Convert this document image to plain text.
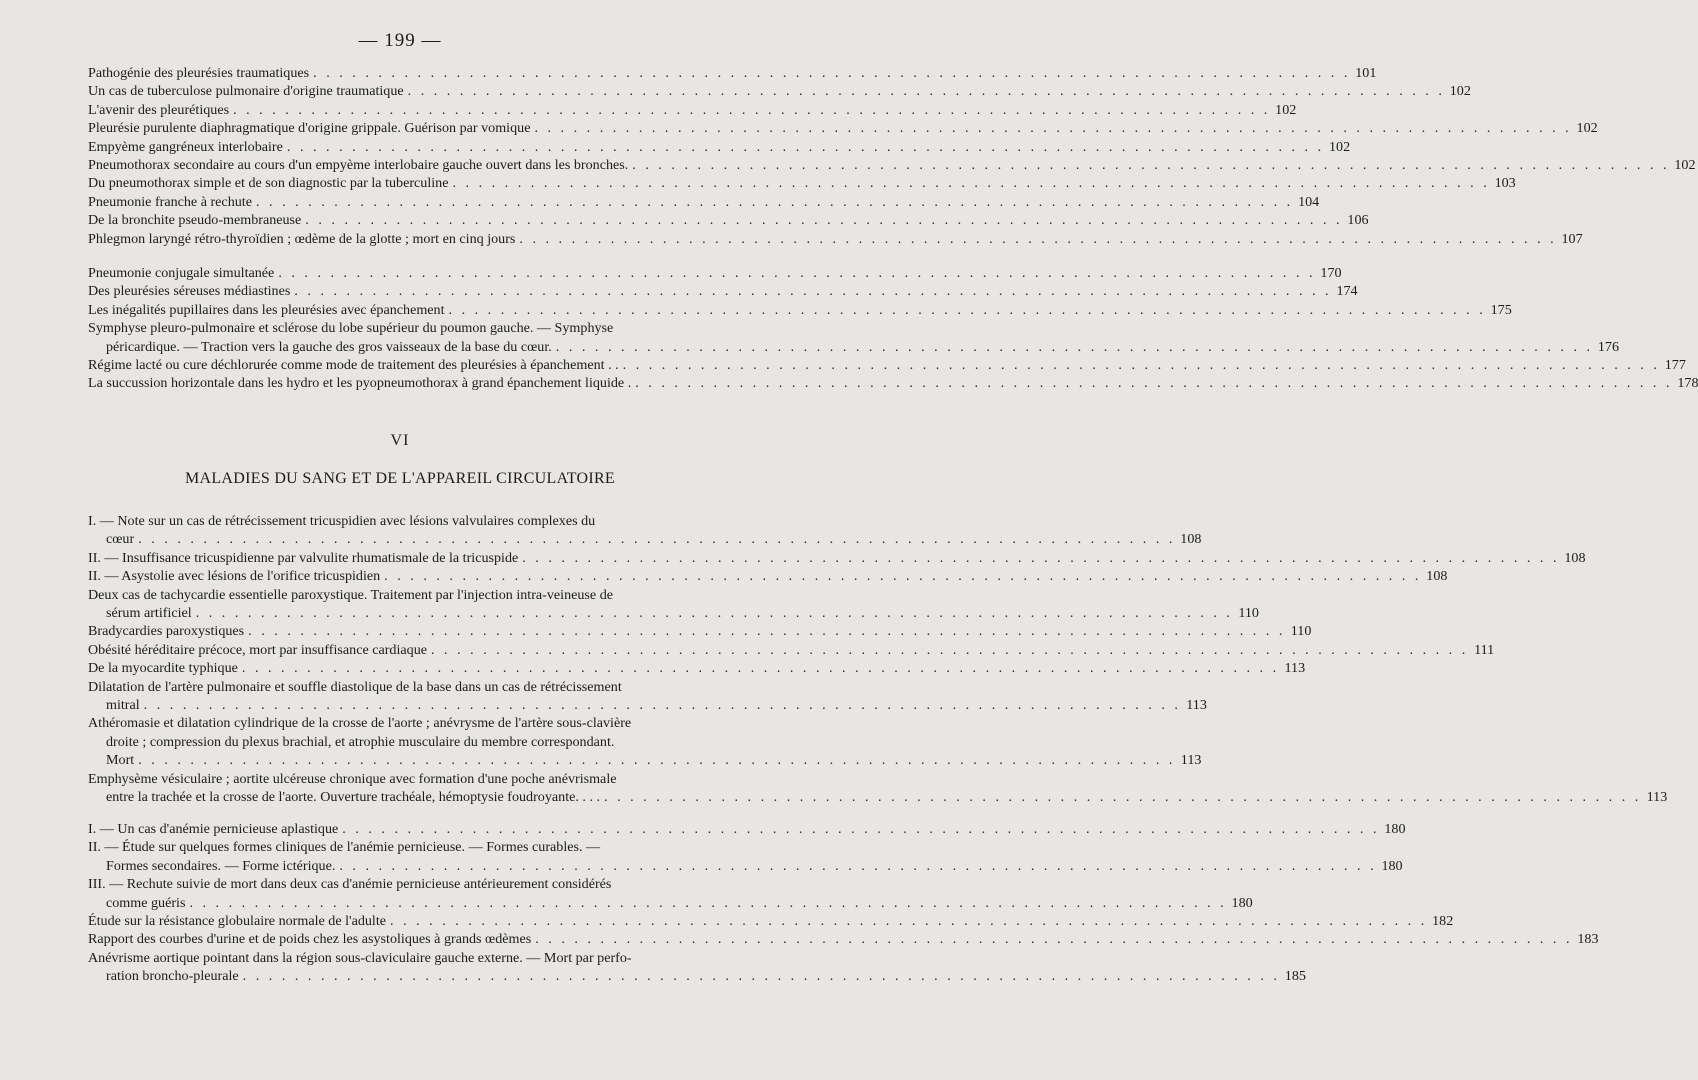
— 199 —
Pathogénie des pleurésies traumatiques . . . . . . . . . . . . . . . . . . . . . . . . . . . . . . . . . . . . . . . . . . . . . . . . . . . . . . . . . . . . . . . . . . . . . . . . . . . . . . . . 101
Un cas de tuberculose pulmonaire d'origine traumatique . . . . . . . . . . . . . . . . . . . . . . . . . . . . . . . . . . . . . . . . . . . . . . . . . . . . . . . . . . . . . . . . . . . . . . . . . . . . . . . . 102
L'avenir des pleurétiques . . . . . . . . . . . . . . . . . . . . . . . . . . . . . . . . . . . . . . . . . . . . . . . . . . . . . . . . . . . . . . . . . . . . . . . . . . . . . . . . 102
Pleurésie purulente diaphragmatique d'origine grippale. Guérison par vomique . . . . . . . . . . . . . . . . . . . . . . . . . . . . . . . . . . . . . . . . . . . . . . . . . . . . . . . . . . . . . . . . . . . . . . . . . . . . . . . . 102
Empyème gangréneux interlobaire . . . . . . . . . . . . . . . . . . . . . . . . . . . . . . . . . . . . . . . . . . . . . . . . . . . . . . . . . . . . . . . . . . . . . . . . . . . . . . . . 102
Pneumothorax secondaire au cours d'un empyème interlobaire gauche ouvert dans les bronches. . . . . . . . . . . . . . . . . . . . . . . . . . . . . . . . . . . . . . . . . . . . . . . . . . . . . . . . . . . . . . . . . . . . . . . . . . . . . . . . . 102
Du pneumothorax simple et de son diagnostic par la tuberculine . . . . . . . . . . . . . . . . . . . . . . . . . . . . . . . . . . . . . . . . . . . . . . . . . . . . . . . . . . . . . . . . . . . . . . . . . . . . . . . . 103
Pneumonie franche à rechute . . . . . . . . . . . . . . . . . . . . . . . . . . . . . . . . . . . . . . . . . . . . . . . . . . . . . . . . . . . . . . . . . . . . . . . . . . . . . . . . 104
De la bronchite pseudo-membraneuse . . . . . . . . . . . . . . . . . . . . . . . . . . . . . . . . . . . . . . . . . . . . . . . . . . . . . . . . . . . . . . . . . . . . . . . . . . . . . . . . 106
Phlegmon laryngé rétro-thyroïdien ; œdème de la glotte ; mort en cinq jours . . . . . . . . . . . . . . . . . . . . . . . . . . . . . . . . . . . . . . . . . . . . . . . . . . . . . . . . . . . . . . . . . . . . . . . . . . . . . . . . 107
Pneumonie conjugale simultanée . . . . . . . . . . . . . . . . . . . . . . . . . . . . . . . . . . . . . . . . . . . . . . . . . . . . . . . . . . . . . . . . . . . . . . . . . . . . . . . . 170
Des pleurésies séreuses médiastines . . . . . . . . . . . . . . . . . . . . . . . . . . . . . . . . . . . . . . . . . . . . . . . . . . . . . . . . . . . . . . . . . . . . . . . . . . . . . . . . 174
Les inégalités pupillaires dans les pleurésies avec épanchement . . . . . . . . . . . . . . . . . . . . . . . . . . . . . . . . . . . . . . . . . . . . . . . . . . . . . . . . . . . . . . . . . . . . . . . . . . . . . . . . 175
Symphyse pleuro-pulmonaire et sclérose du lobe supérieur du poumon gauche. — Symphyse
péricardique. — Traction vers la gauche des gros vaisseaux de la base du cœur. . . . . . . . . . . . . . . . . . . . . . . . . . . . . . . . . . . . . . . . . . . . . . . . . . . . . . . . . . . . . . . . . . . . . . . . . . . . . . . . . 176
Régime lacté ou cure déchlorurée comme mode de traitement des pleurésies à épanchement . . . . . . . . . . . . . . . . . . . . . . . . . . . . . . . . . . . . . . . . . . . . . . . . . . . . . . . . . . . . . . . . . . . . . . . . . . . . . . . . . . 177
La succussion horizontale dans les hydro et les pyopneumothorax à grand épanchement liquide . . . . . . . . . . . . . . . . . . . . . . . . . . . . . . . . . . . . . . . . . . . . . . . . . . . . . . . . . . . . . . . . . . . . . . . . . . . . . . . . . 178
VI
MALADIES DU SANG ET DE L'APPAREIL CIRCULATOIRE
I. — Note sur un cas de rétrécissement tricuspidien avec lésions valvulaires complexes du
cœur . . . . . . . . . . . . . . . . . . . . . . . . . . . . . . . . . . . . . . . . . . . . . . . . . . . . . . . . . . . . . . . . . . . . . . . . . . . . . . . . 108
II. — Insuffisance tricuspidienne par valvulite rhumatismale de la tricuspide . . . . . . . . . . . . . . . . . . . . . . . . . . . . . . . . . . . . . . . . . . . . . . . . . . . . . . . . . . . . . . . . . . . . . . . . . . . . . . . . 108
II. — Asystolie avec lésions de l'orifice tricuspidien . . . . . . . . . . . . . . . . . . . . . . . . . . . . . . . . . . . . . . . . . . . . . . . . . . . . . . . . . . . . . . . . . . . . . . . . . . . . . . . . 108
Deux cas de tachycardie essentielle paroxystique. Traitement par l'injection intra-veineuse de
sérum artificiel . . . . . . . . . . . . . . . . . . . . . . . . . . . . . . . . . . . . . . . . . . . . . . . . . . . . . . . . . . . . . . . . . . . . . . . . . . . . . . . . 110
Bradycardies paroxystiques . . . . . . . . . . . . . . . . . . . . . . . . . . . . . . . . . . . . . . . . . . . . . . . . . . . . . . . . . . . . . . . . . . . . . . . . . . . . . . . . 110
Obésité héréditaire précoce, mort par insuffisance cardiaque . . . . . . . . . . . . . . . . . . . . . . . . . . . . . . . . . . . . . . . . . . . . . . . . . . . . . . . . . . . . . . . . . . . . . . . . . . . . . . . . 111
De la myocardite typhique . . . . . . . . . . . . . . . . . . . . . . . . . . . . . . . . . . . . . . . . . . . . . . . . . . . . . . . . . . . . . . . . . . . . . . . . . . . . . . . . 113
Dilatation de l'artère pulmonaire et souffle diastolique de la base dans un cas de rétrécissement
mitral . . . . . . . . . . . . . . . . . . . . . . . . . . . . . . . . . . . . . . . . . . . . . . . . . . . . . . . . . . . . . . . . . . . . . . . . . . . . . . . . 113
Athéromasie et dilatation cylindrique de la crosse de l'aorte ; anévrysme de l'artère sous-clavière
droite ; compression du plexus brachial, et atrophie musculaire du membre correspondant.
Mort . . . . . . . . . . . . . . . . . . . . . . . . . . . . . . . . . . . . . . . . . . . . . . . . . . . . . . . . . . . . . . . . . . . . . . . . . . . . . . . . 113
Emphysème vésiculaire ; aortite ulcéreuse chronique avec formation d'une poche anévrismale
entre la trachée et la crosse de l'aorte. Ouverture trachéale, hémoptysie foudroyante. . . . . . . . . . . . . . . . . . . . . . . . . . . . . . . . . . . . . . . . . . . . . . . . . . . . . . . . . . . . . . . . . . . . . . . . . . . . . . . . . . . . 113
I. — Un cas d'anémie pernicieuse aplastique . . . . . . . . . . . . . . . . . . . . . . . . . . . . . . . . . . . . . . . . . . . . . . . . . . . . . . . . . . . . . . . . . . . . . . . . . . . . . . . . 180
II. — Étude sur quelques formes cliniques de l'anémie pernicieuse. — Formes curables. —
Formes secondaires. — Forme ictérique. . . . . . . . . . . . . . . . . . . . . . . . . . . . . . . . . . . . . . . . . . . . . . . . . . . . . . . . . . . . . . . . . . . . . . . . . . . . . . . . . 180
III. — Rechute suivie de mort dans deux cas d'anémie pernicieuse antérieurement considérés
comme guéris . . . . . . . . . . . . . . . . . . . . . . . . . . . . . . . . . . . . . . . . . . . . . . . . . . . . . . . . . . . . . . . . . . . . . . . . . . . . . . . . 180
Étude sur la résistance globulaire normale de l'adulte . . . . . . . . . . . . . . . . . . . . . . . . . . . . . . . . . . . . . . . . . . . . . . . . . . . . . . . . . . . . . . . . . . . . . . . . . . . . . . . . 182
Rapport des courbes d'urine et de poids chez les asystoliques à grands œdèmes . . . . . . . . . . . . . . . . . . . . . . . . . . . . . . . . . . . . . . . . . . . . . . . . . . . . . . . . . . . . . . . . . . . . . . . . . . . . . . . . 183
Anévrisme aortique pointant dans la région sous-claviculaire gauche externe. — Mort par perfo-
ration broncho-pleurale . . . . . . . . . . . . . . . . . . . . . . . . . . . . . . . . . . . . . . . . . . . . . . . . . . . . . . . . . . . . . . . . . . . . . . . . . . . . . . . . 185
